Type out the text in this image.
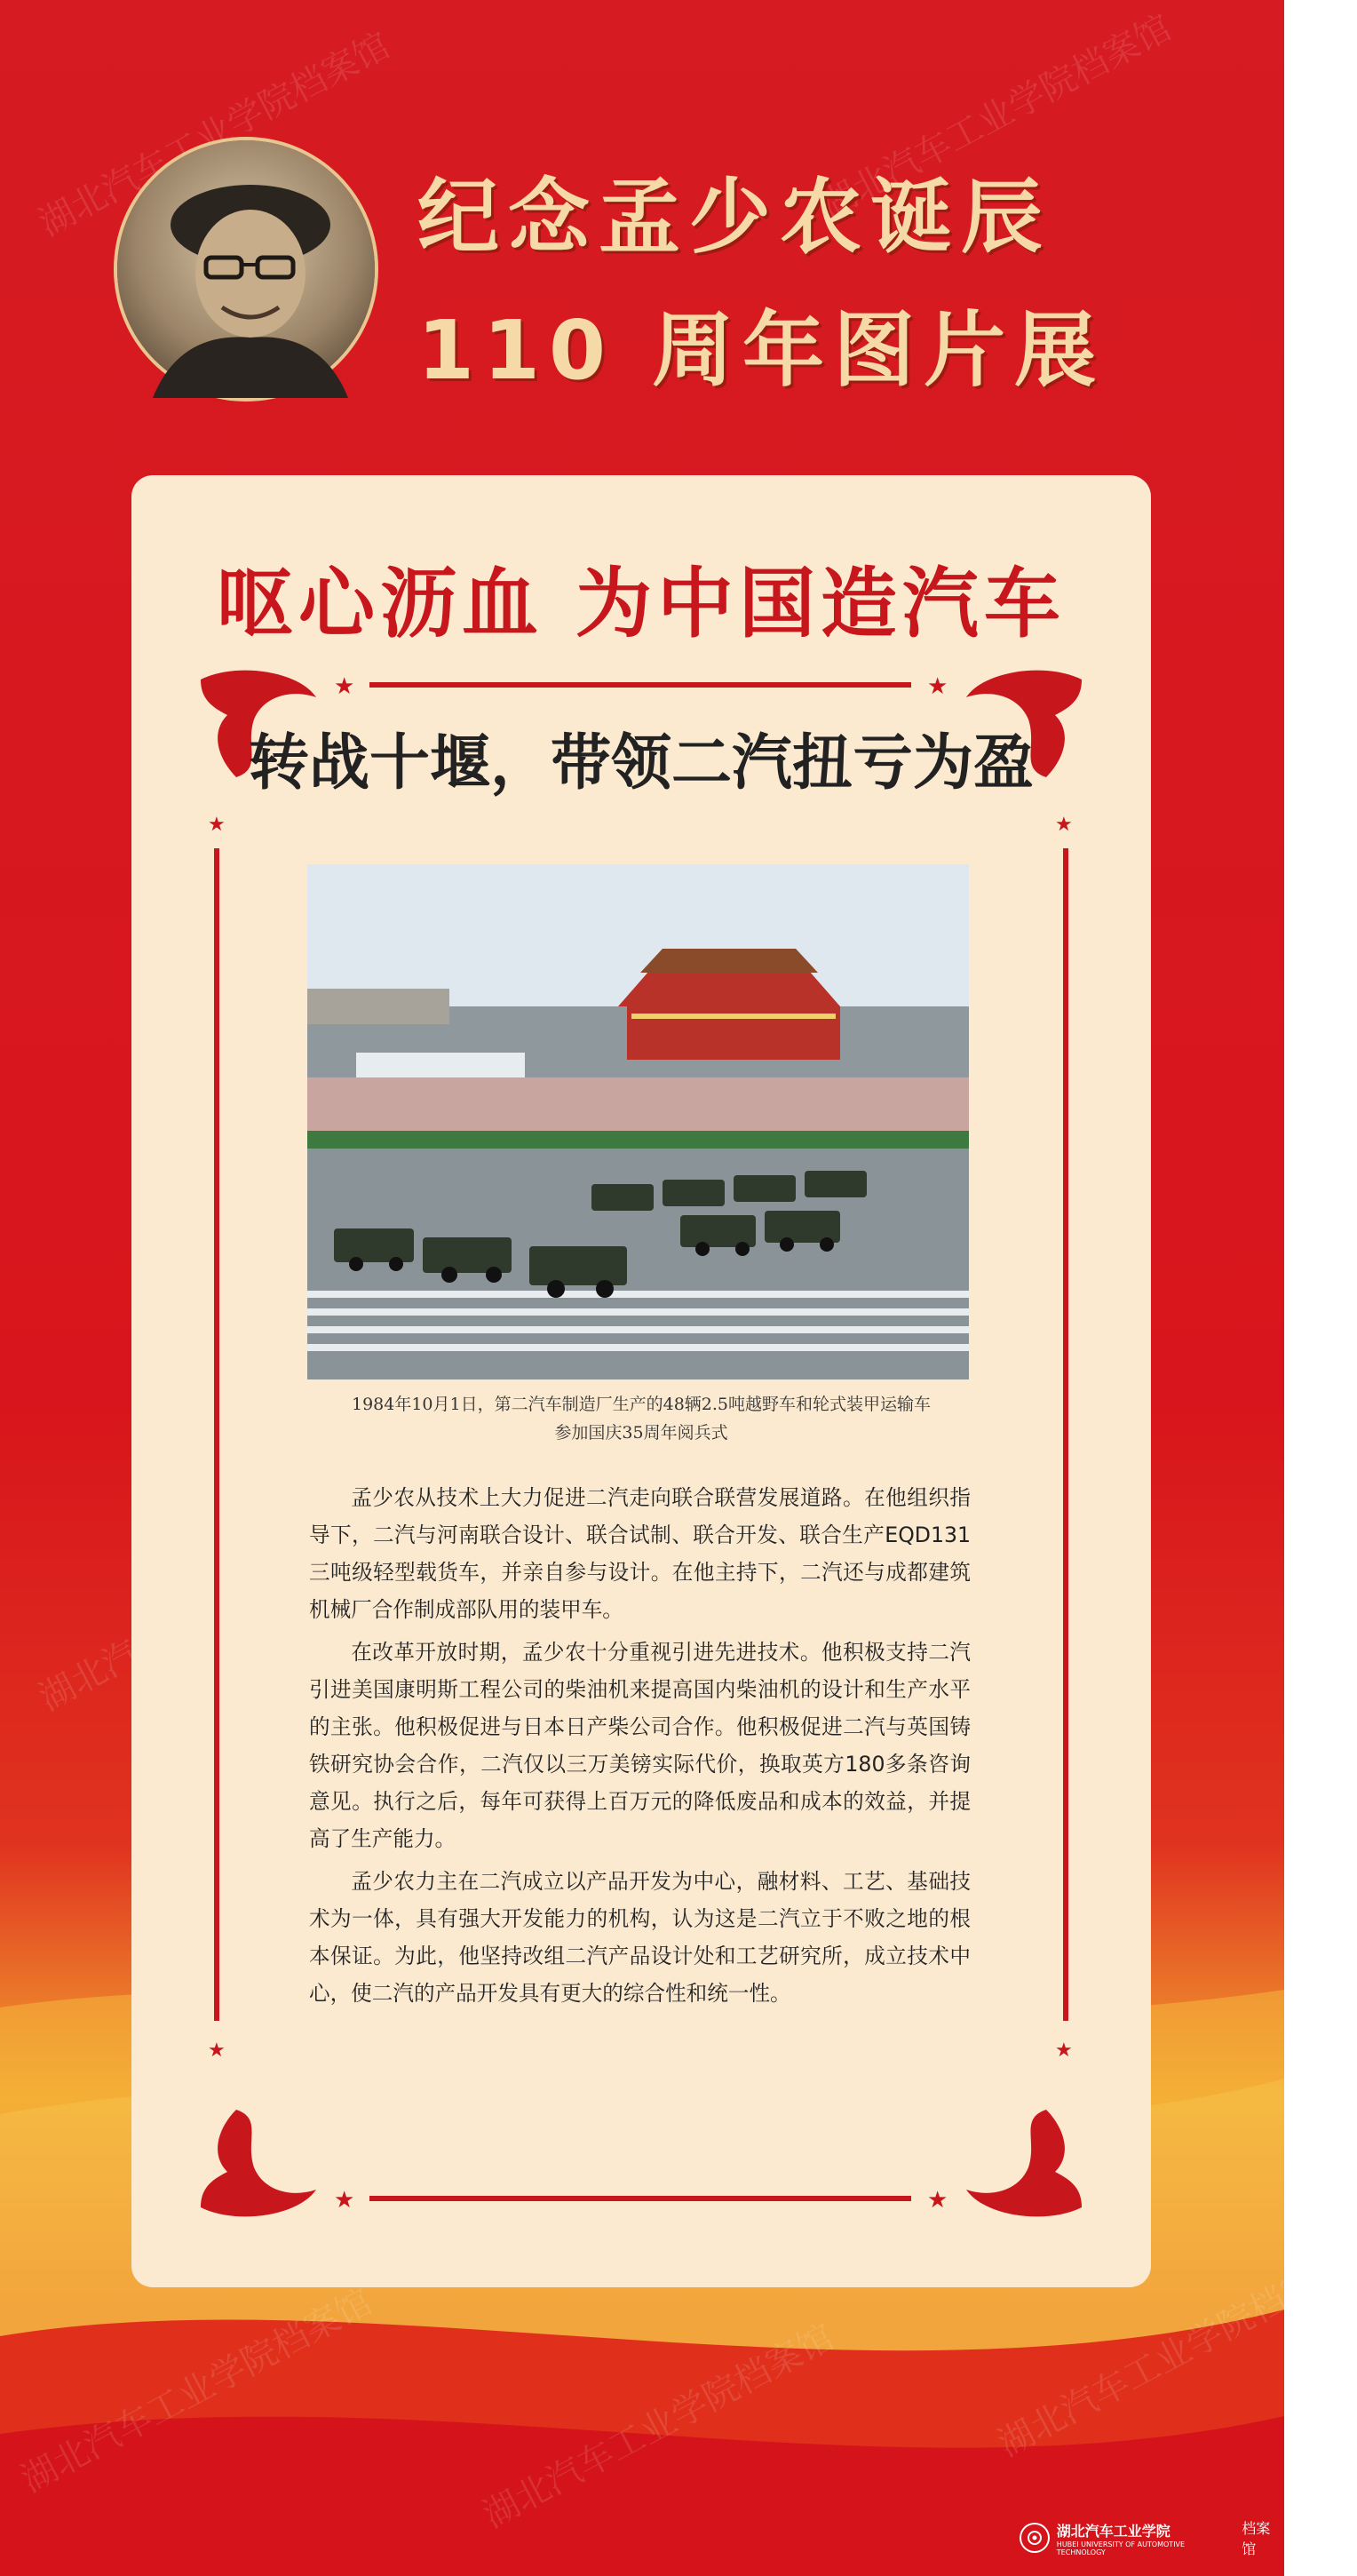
纪念孟少农诞辰
110 周年图片展
呕心沥血 为中国造汽车
★	★
★	★
★	★
★	★
转战十堰，带领二汽扭亏为盈
1984年10月1日，第二汽车制造厂生产的48辆2.5吨越野车和轮式装甲运输车
参加国庆35周年阅兵式

孟少农从技术上大力促进二汽走向联合联营发展道路。在他组织指导下，二汽与河南联合设计、联合试制、联合开发、联合生产EQD131三吨级轻型载货车，并亲自参与设计。在他主持下，二汽还与成都建筑机械厂合作制成部队用的装甲车。

在改革开放时期，孟少农十分重视引进先进技术。他积极支持二汽引进美国康明斯工程公司的柴油机来提高国内柴油机的设计和生产水平的主张。他积极促进与日本日产柴公司合作。他积极促进二汽与英国铸铁研究协会合作，二汽仅以三万美镑实际代价，换取英方180多条咨询意见。执行之后，每年可获得上百万元的降低废品和成本的效益，并提高了生产能力。

孟少农力主在二汽成立以产品开发为中心，融材料、工艺、基础技术为一体，具有强大开发能力的机构，认为这是二汽立于不败之地的根本保证。为此，他坚持改组二汽产品设计处和工艺研究所，成立技术中心，使二汽的产品开发具有更大的综合性和统一性。

湖北汽车工业学院
HUBEI UNIVERSITY OF AUTOMOTIVE TECHNOLOGY
档案馆
